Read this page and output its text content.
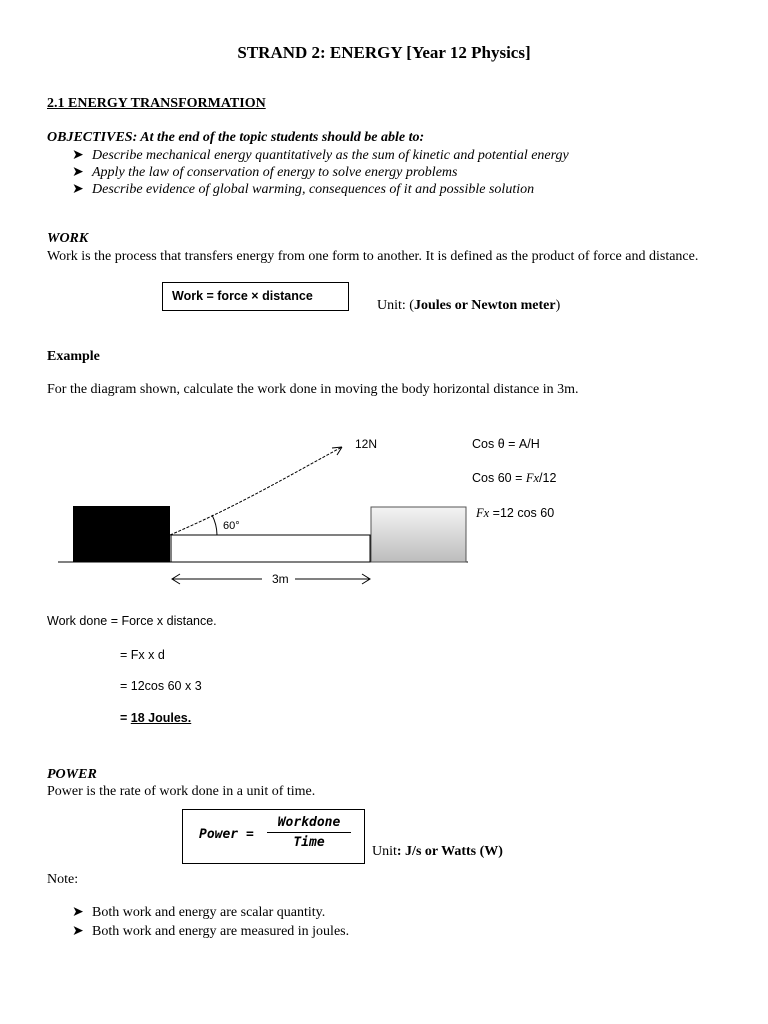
STRAND 2: ENERGY [Year 12 Physics]
2.1 ENERGY TRANSFORMATION
OBJECTIVES: At the end of the topic students should be able to:
➤ Describe mechanical energy quantitatively as the sum of kinetic and potential energy
➤ Apply the law of conservation of energy to solve energy problems
➤ Describe evidence of global warming, consequences of it and possible solution
WORK
Work is the process that transfers energy from one form to another. It is defined as the product of force and distance.
Work = force × distance
Unit: (Joules or Newton meter)
Example
For the diagram shown, calculate the work done in moving the body horizontal distance in 3m.
60°
12N
3m
Cos θ = A/H
Cos 60 = Fx/12
Fx =12 cos 60
Work done = Force x distance.
= Fx x d
= 12cos 60 x 3
= 18 Joules.
POWER
Power is the rate of work done in a unit of time.
Power =
Workdone
Time
Unit: J/s or Watts (W)
Note:
➤ Both work and energy are scalar quantity.
➤ Both work and energy are measured in joules.
